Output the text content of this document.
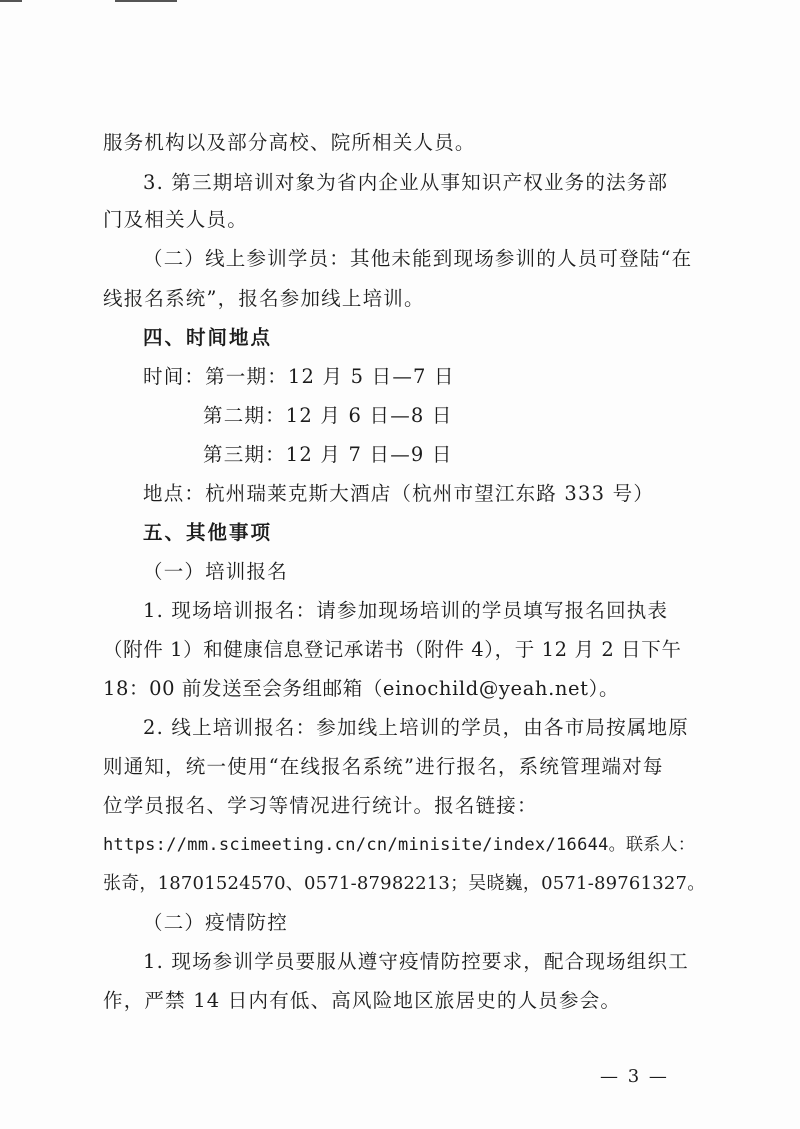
服务机构以及部分高校、院所相关人员。
3. 第三期培训对象为省内企业从事知识产权业务的法务部
门及相关人员。
（二）线上参训学员：其他未能到现场参训的人员可登陆“在
线报名系统”，报名参加线上培训。
四、时间地点
时间：第一期：12 月 5 日—7 日
第二期：12 月 6 日—8 日
第三期：12 月 7 日—9 日
地点：杭州瑞莱克斯大酒店（杭州市望江东路 333 号）
五、其他事项
（一）培训报名
1. 现场培训报名：请参加现场培训的学员填写报名回执表
（附件 1）和健康信息登记承诺书（附件 4），于 12 月 2 日下午
18：00 前发送至会务组邮箱（einochild@yeah.net）。
2. 线上培训报名：参加线上培训的学员，由各市局按属地原
则通知，统一使用“在线报名系统”进行报名，系统管理端对每
位学员报名、学习等情况进行统计。报名链接：
https://mm.scimeeting.cn/cn/minisite/index/16644。联系人：
张奇，18701524570、0571-87982213；吴晓巍，0571-89761327。
（二）疫情防控
1. 现场参训学员要服从遵守疫情防控要求，配合现场组织工
作，严禁 14 日内有低、高风险地区旅居史的人员参会。
— 3 —
